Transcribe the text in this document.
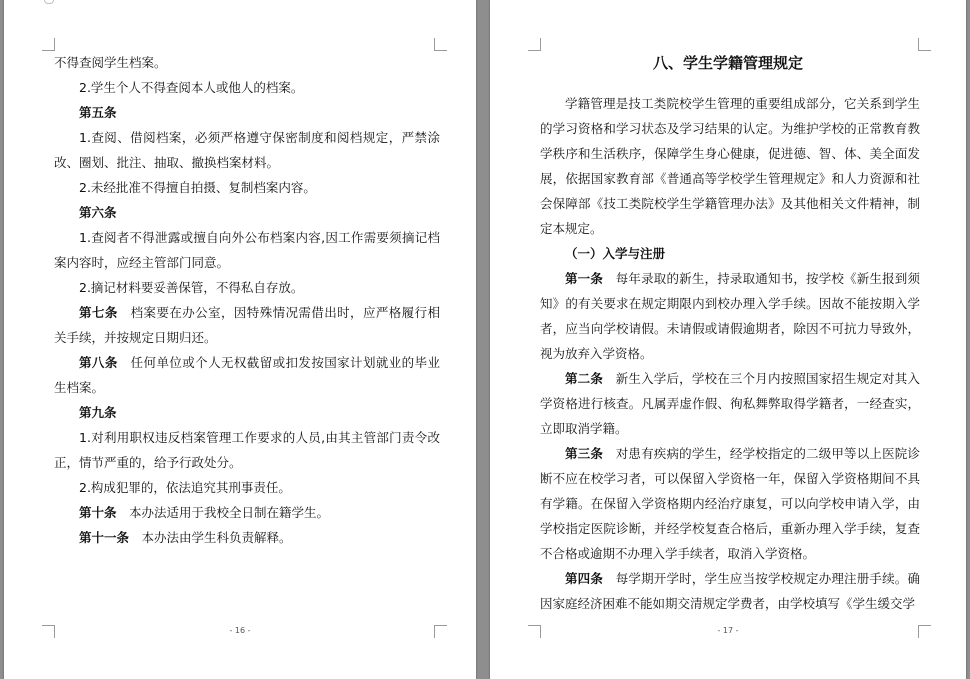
不得查阅学生档案。

2.学生个人不得查阅本人或他人的档案。

第五条

1.查阅、借阅档案，必须严格遵守保密制度和阅档规定，严禁涂改、圈划、批注、抽取、撤换档案材料。

2.未经批准不得擅自拍摄、复制档案内容。

第六条

1.查阅者不得泄露或擅自向外公布档案内容,因工作需要须摘记档案内容时，应经主管部门同意。

2.摘记材料要妥善保管，不得私自存放。

第七条　档案要在办公室，因特殊情况需借出时，应严格履行相关手续，并按规定日期归还。

第八条　任何单位或个人无权截留或扣发按国家计划就业的毕业生档案。

第九条

1.对利用职权违反档案管理工作要求的人员,由其主管部门责令改正，情节严重的，给予行政处分。

2.构成犯罪的，依法追究其刑事责任。

第十条　本办法适用于我校全日制在籍学生。

第十一条　本办法由学生科负责解释。

- 16 -
八、学生学籍管理规定

学籍管理是技工类院校学生管理的重要组成部分，它关系到学生的学习资格和学习状态及学习结果的认定。为维护学校的正常教育教学秩序和生活秩序，保障学生身心健康，促进德、智、体、美全面发展，依据国家教育部《普通高等学校学生管理规定》和人力资源和社会保障部《技工类院校学生学籍管理办法》及其他相关文件精神，制定本规定。

（一）入学与注册

第一条　每年录取的新生，持录取通知书，按学校《新生报到须知》的有关要求在规定期限内到校办理入学手续。因故不能按期入学者，应当向学校请假。未请假或请假逾期者，除因不可抗力导致外，视为放弃入学资格。

第二条　新生入学后，学校在三个月内按照国家招生规定对其入学资格进行核查。凡属弄虚作假、徇私舞弊取得学籍者，一经查实，立即取消学籍。

第三条　对患有疾病的学生，经学校指定的二级甲等以上医院诊断不应在校学习者，可以保留入学资格一年，保留入学资格期间不具有学籍。在保留入学资格期内经治疗康复，可以向学校申请入学，由学校指定医院诊断，并经学校复查合格后，重新办理入学手续，复查不合格或逾期不办理入学手续者，取消入学资格。

第四条　每学期开学时，学生应当按学校规定办理注册手续。确因家庭经济困难不能如期交清规定学费者，由学校填写《学生缓交学

- 17 -
